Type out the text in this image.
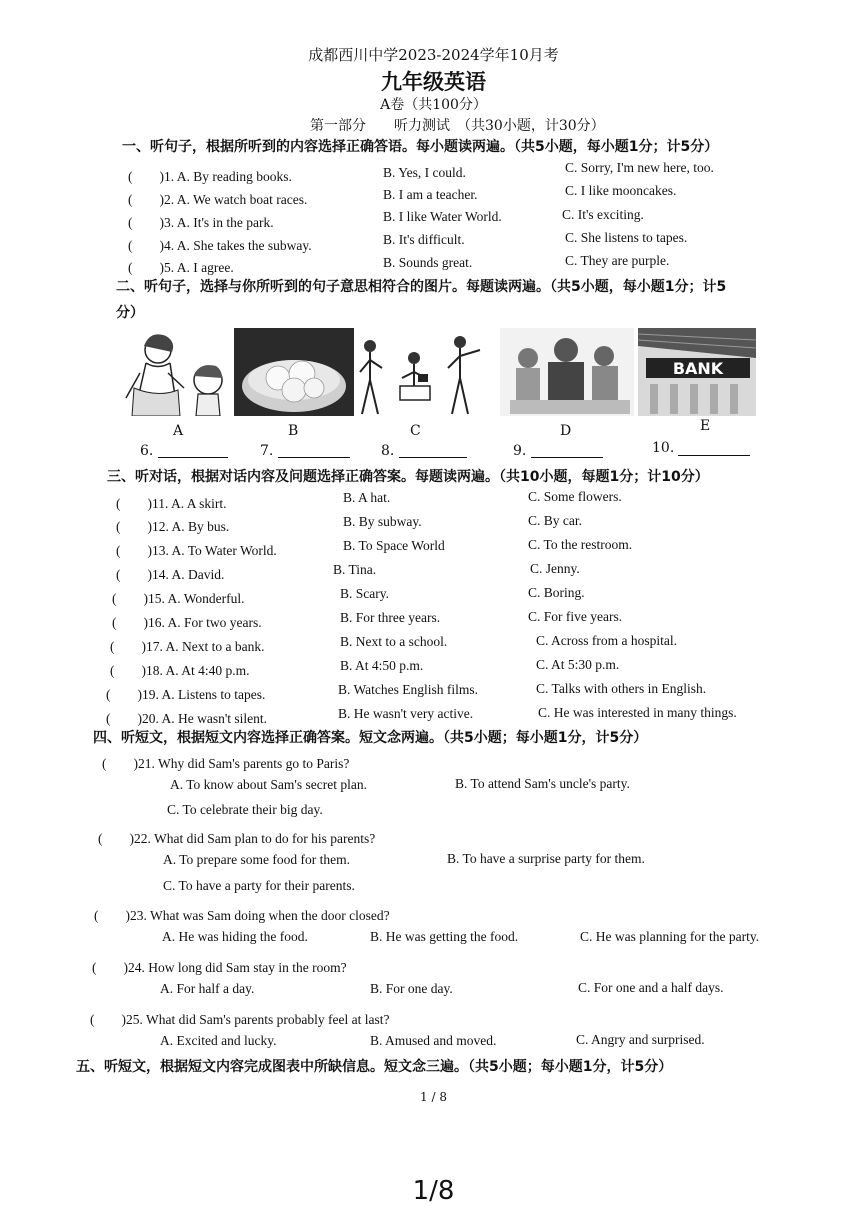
成都西川中学2023-2024学年10月考
九年级英语
A卷（共100分）
第一部分　　听力测试　（共30小题，计30分）
一、听句子，根据所听到的内容选择正确答语。每小题读两遍。（共5小题，每小题1分；计5分）
(　　)1. A. By reading books.	B. Yes, I could.	C. Sorry, I'm new here, too.
(　　)2. A. We watch boat races.	B. I am a teacher.	C. I like mooncakes.
(　　)3. A. It's in the park.	B. I like Water World.	C. It's exciting.
(　　)4. A. She takes the subway.	B. It's difficult.	C. She listens to tapes.
(　　)5. A. I agree.	B. Sounds great.	C. They are purple.
二、听句子，选择与你所听到的句子意思相符合的图片。每题读两遍。（共5小题，每小题1分；计5
分）
BANK
A	B	C	D	E
6.	7.	8.	9.	10.
三、听对话，根据对话内容及问题选择正确答案。每题读两遍。（共10小题，每题1分；计10分）
(　　)11. A. A skirt.	B. A hat.	C. Some flowers.
(　　)12. A. By bus.	B. By subway.	C. By car.
(　　)13. A. To Water World.	B. To Space World	C. To the restroom.
(　　)14. A. David.	B. Tina.	C. Jenny.
(　　)15. A. Wonderful.	B. Scary.	C. Boring.
(　　)16. A. For two years.	B. For three years.	C. For five years.
(　　)17. A. Next to a bank.	B. Next to a school.	C. Across from a hospital.
(　　)18. A. At 4:40 p.m.	B. At 4:50 p.m.	C. At 5:30 p.m.
(　　)19. A. Listens to tapes.	B. Watches English films.	C. Talks with others in English.
(　　)20. A. He wasn't silent.	B. He wasn't very active.	C. He was interested in many things.
四、听短文，根据短文内容选择正确答案。短文念两遍。（共5小题；每小题1分，计5分）
(　　)21. Why did Sam's parents go to Paris?
A. To know about Sam's secret plan.	B. To attend Sam's uncle's party.
C. To celebrate their big day.
(　　)22. What did Sam plan to do for his parents?
A. To prepare some food for them.	B. To have a surprise party for them.
C. To have a party for their parents.
(　　)23. What was Sam doing when the door closed?
A. He was hiding the food.	B. He was getting the food.	C. He was planning for the party.
(　　)24. How long did Sam stay in the room?
A. For half a day.	B. For one day.	C. For one and a half days.
(　　)25. What did Sam's parents probably feel at last?
A. Excited and lucky.	B. Amused and moved.	C. Angry and surprised.
五、听短文，根据短文内容完成图表中所缺信息。短文念三遍。（共5小题；每小题1分，计5分）
1 / 8
1/8
